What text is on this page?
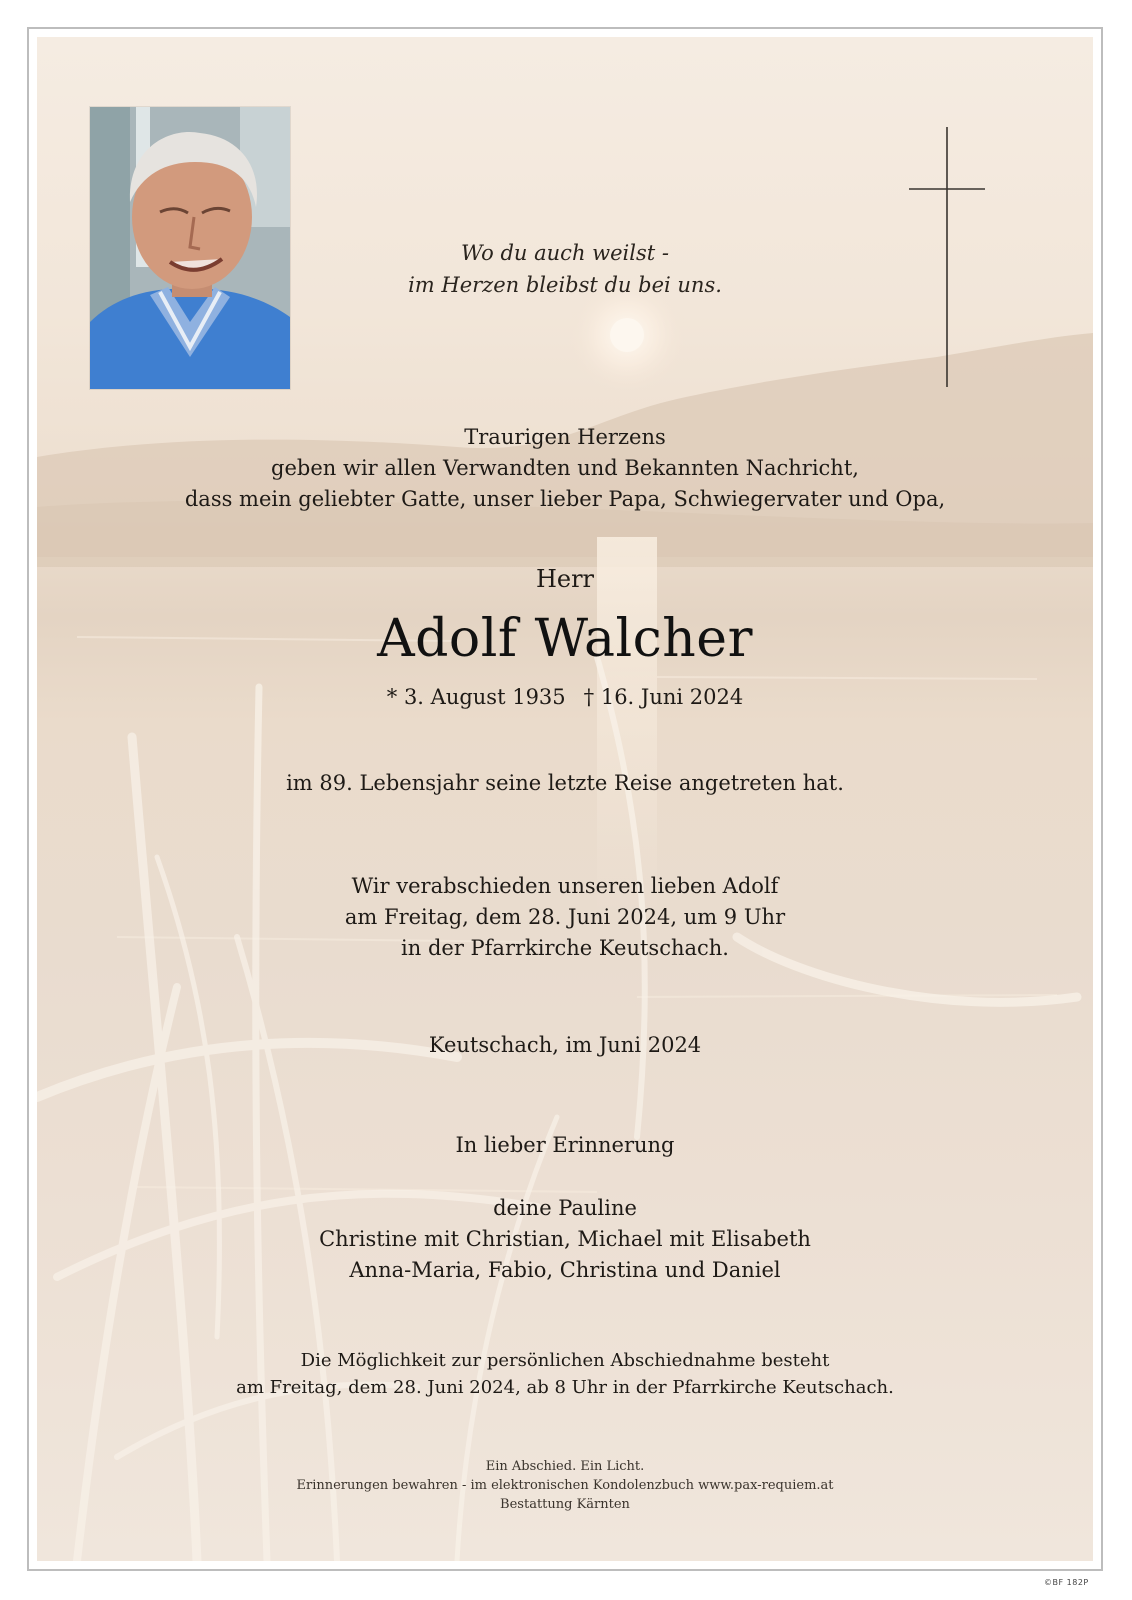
Wo du auch weilst -
im Herzen bleibst du bei uns.
Traurigen Herzens
geben wir allen Verwandten und Bekannten Nachricht,
dass mein geliebter Gatte, unser lieber Papa, Schwiegervater und Opa,
Herr
Adolf Walcher
* 3. August 1935 † 16. Juni 2024
im 89. Lebensjahr seine letzte Reise angetreten hat.
Wir verabschieden unseren lieben Adolf
am Freitag, dem 28. Juni 2024, um 9 Uhr
in der Pfarrkirche Keutschach.
Keutschach, im Juni 2024
In lieber Erinnerung
deine Pauline
Christine mit Christian, Michael mit Elisabeth
Anna-Maria, Fabio, Christina und Daniel
Die Möglichkeit zur persönlichen Abschiednahme besteht
am Freitag, dem 28. Juni 2024, ab 8 Uhr in der Pfarrkirche Keutschach.
Ein Abschied. Ein Licht.
Erinnerungen bewahren - im elektronischen Kondolenzbuch www.pax-requiem.at
Bestattung Kärnten
©BF 182P
